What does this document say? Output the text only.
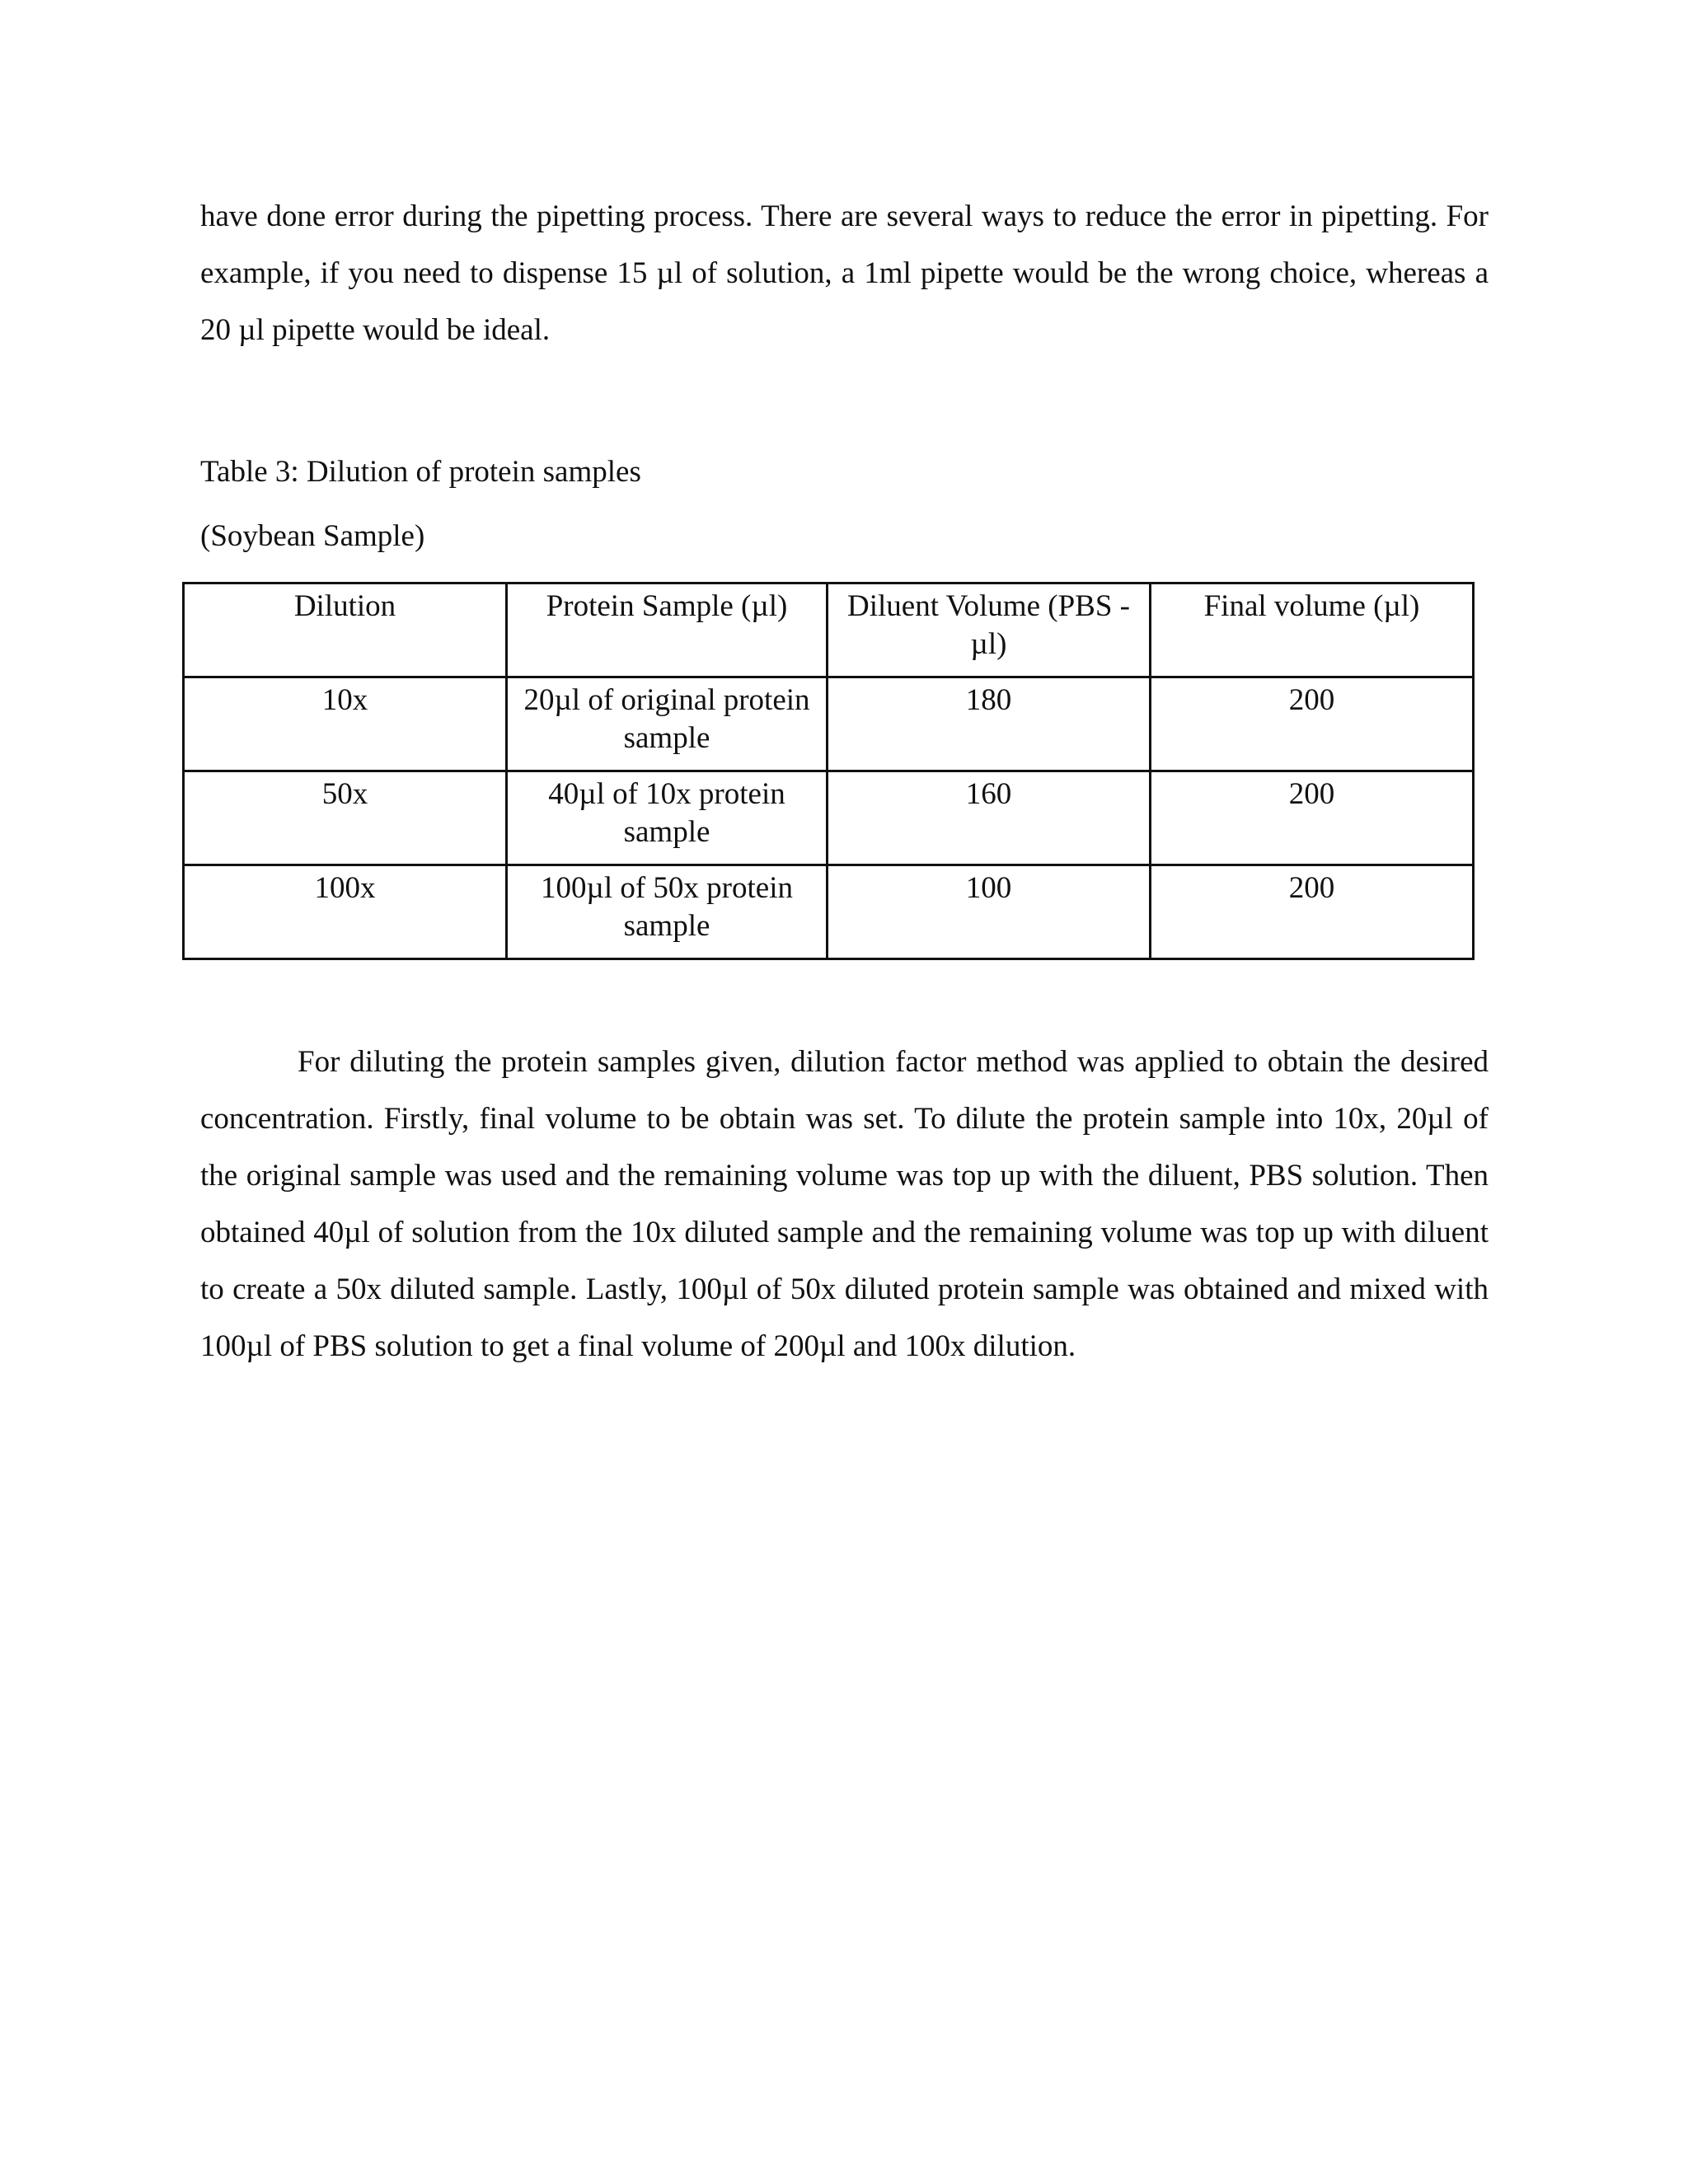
have done error during the pipetting process. There are several ways to reduce the error in pipetting. For example, if you need to dispense 15 µl of solution, a 1ml pipette would be the wrong choice, whereas a 20 µl pipette would be ideal.

Table 3: Dilution of protein samples

(Soybean Sample)

Dilution	Protein Sample (µl)	Diluent Volume (PBS - µl)	Final volume (µl)
10x	20µl of original protein sample	180	200
50x	40µl of 10x protein sample	160	200
100x	100µl of 50x protein sample	100	200

For diluting the protein samples given, dilution factor method was applied to obtain the desired concentration. Firstly, final volume to be obtain was set. To dilute the protein sample into 10x, 20µl of the original sample was used and the remaining volume was top up with the diluent, PBS solution. Then obtained 40µl of solution from the 10x diluted sample and the remaining volume was top up with diluent to create a 50x diluted sample. Lastly, 100µl of 50x diluted protein sample was obtained and mixed with 100µl of PBS solution to get a final volume of 200µl and 100x dilution.
